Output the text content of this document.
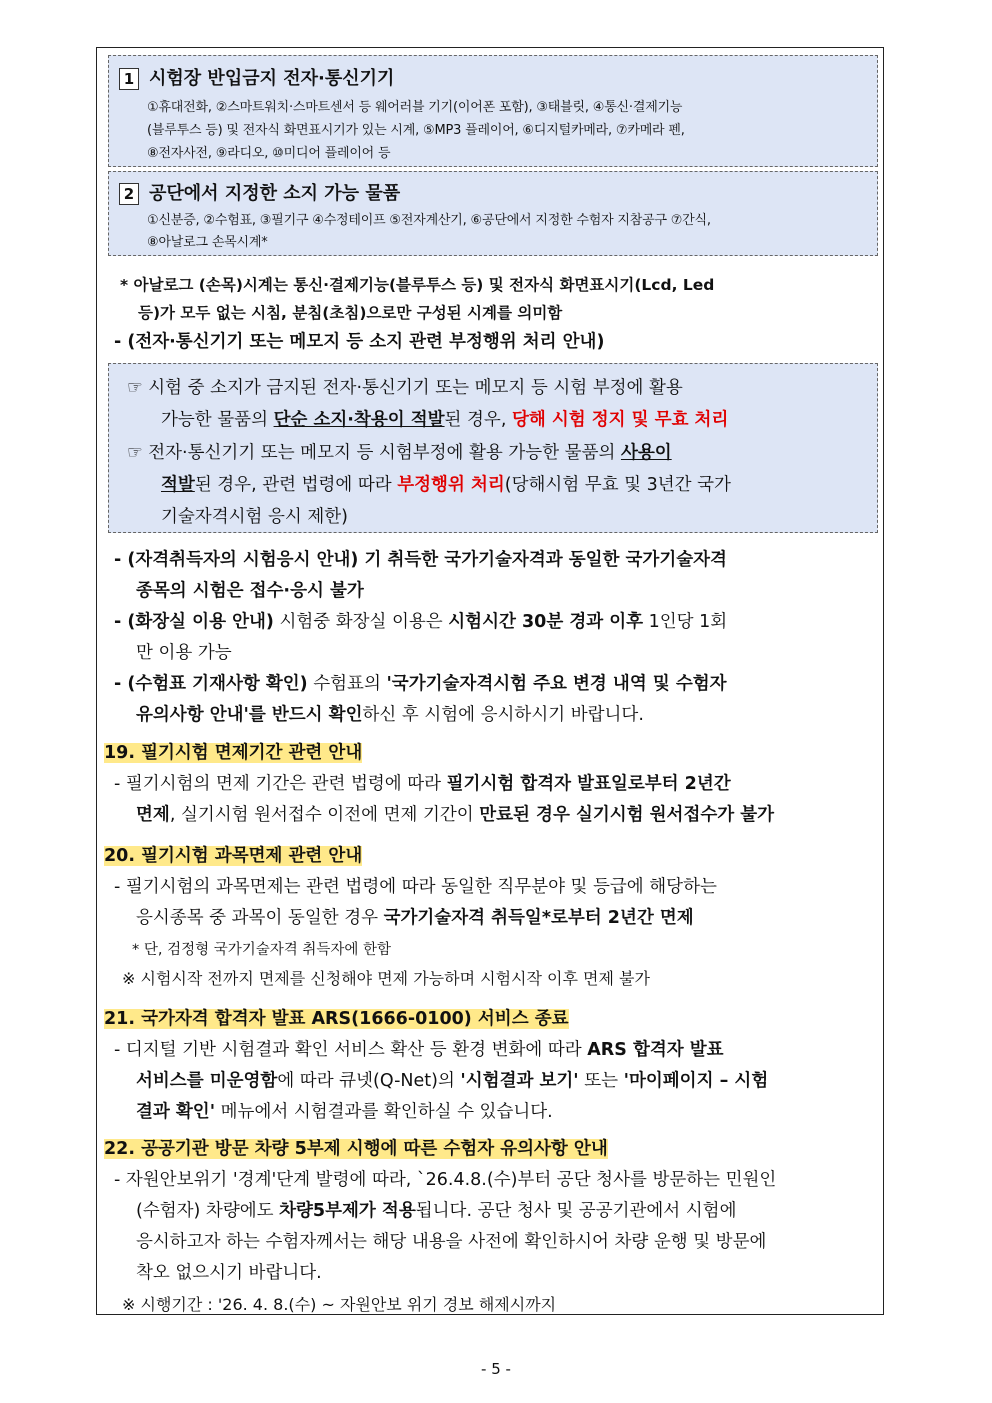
1 시험장 반입금지 전자·통신기기
①휴대전화, ②스마트워치·스마트센서 등 웨어러블 기기(이어폰 포함), ③태블릿, ④통신·결제기능
(블루투스 등) 및 전자식 화면표시기가 있는 시계, ⑤MP3 플레이어, ⑥디지털카메라, ⑦카메라 펜,
⑧전자사전, ⑨라디오, ⑩미디어 플레이어 등
2 공단에서 지정한 소지 가능 물품
①신분증, ②수험표, ③필기구 ④수정테이프 ⑤전자계산기, ⑥공단에서 지정한 수험자 지참공구 ⑦간식,
⑧아날로그 손목시계*
* 아날로그 (손목)시계는 통신·결제기능(블루투스 등) 및 전자식 화면표시기(Lcd, Led
등)가 모두 없는 시침, 분침(초침)으로만 구성된 시계를 의미함
- (전자·통신기기 또는 메모지 등 소지 관련 부정행위 처리 안내)
☞ 시험 중 소지가 금지된 전자·통신기기 또는 메모지 등 시험 부정에 활용
가능한 물품의 단순 소지·착용이 적발된 경우, 당해 시험 정지 및 무효 처리
☞ 전자·통신기기 또는 메모지 등 시험부정에 활용 가능한 물품의 사용이
적발된 경우, 관련 법령에 따라 부정행위 처리(당해시험 무효 및 3년간 국가
기술자격시험 응시 제한)
- (자격취득자의 시험응시 안내) 기 취득한 국가기술자격과 동일한 국가기술자격
종목의 시험은 접수·응시 불가
- (화장실 이용 안내) 시험중 화장실 이용은 시험시간 30분 경과 이후 1인당 1회
만 이용 가능
- (수험표 기재사항 확인) 수험표의 '국가기술자격시험 주요 변경 내역 및 수험자
유의사항 안내'를 반드시 확인하신 후 시험에 응시하시기 바랍니다.
19. 필기시험 면제기간 관련 안내
- 필기시험의 면제 기간은 관련 법령에 따라 필기시험 합격자 발표일로부터 2년간
면제, 실기시험 원서접수 이전에 면제 기간이 만료된 경우 실기시험 원서접수가 불가
20. 필기시험 과목면제 관련 안내
- 필기시험의 과목면제는 관련 법령에 따라 동일한 직무분야 및 등급에 해당하는
응시종목 중 과목이 동일한 경우 국가기술자격 취득일*로부터 2년간 면제
* 단, 검정형 국가기술자격 취득자에 한함
※ 시험시작 전까지 면제를 신청해야 면제 가능하며 시험시작 이후 면제 불가
21. 국가자격 합격자 발표 ARS(1666-0100) 서비스 종료
- 디지털 기반 시험결과 확인 서비스 확산 등 환경 변화에 따라 ARS 합격자 발표
서비스를 미운영함에 따라 큐넷(Q-Net)의 '시험결과 보기' 또는 '마이페이지 – 시험
결과 확인' 메뉴에서 시험결과를 확인하실 수 있습니다.
22. 공공기관 방문 차량 5부제 시행에 따른 수험자 유의사항 안내
- 자원안보위기 '경계'단계 발령에 따라, `26.4.8.(수)부터 공단 청사를 방문하는 민원인
(수험자) 차량에도 차량5부제가 적용됩니다. 공단 청사 및 공공기관에서 시험에
응시하고자 하는 수험자께서는 해당 내용을 사전에 확인하시어 차량 운행 및 방문에
착오 없으시기 바랍니다.
※ 시행기간 : '26. 4. 8.(수) ~ 자원안보 위기 경보 해제시까지
- 5 -
